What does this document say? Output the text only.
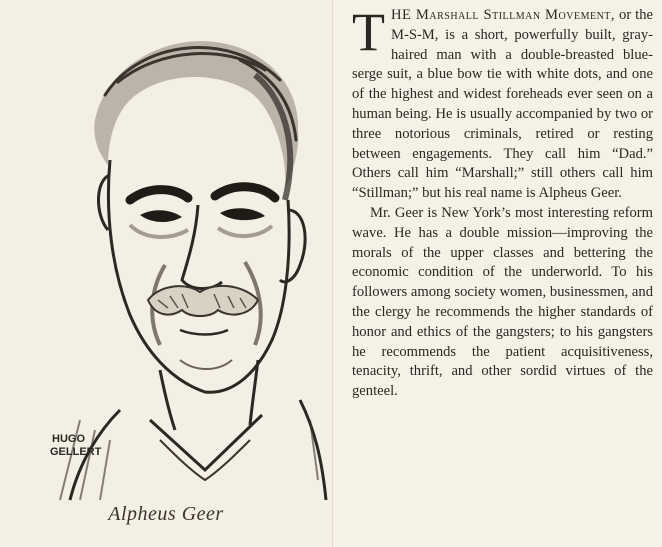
HUGO
GELLERT
Alpheus Geer

THE Marshall Stillman Movement, or the M-S-M, is a short, powerfully built, gray-haired man with a double-breasted blue-serge suit, a blue bow tie with white dots, and one of the highest and widest foreheads ever seen on a human being. He is usually accompanied by two or three notorious criminals, retired or resting between engagements. They call him “Dad.” Others call him “Marshall;” still others call him “Stillman;” but his real name is Alpheus Geer.

Mr. Geer is New York’s most interesting reform wave. He has a double mission—improving the morals of the upper classes and bettering the economic condition of the underworld. To his followers among society women, businessmen, and the clergy he recommends the higher standards of honor and ethics of the gangsters; to his gangsters he recommends the patient acquisitiveness, tenacity, thrift, and other sordid virtues of the genteel.
